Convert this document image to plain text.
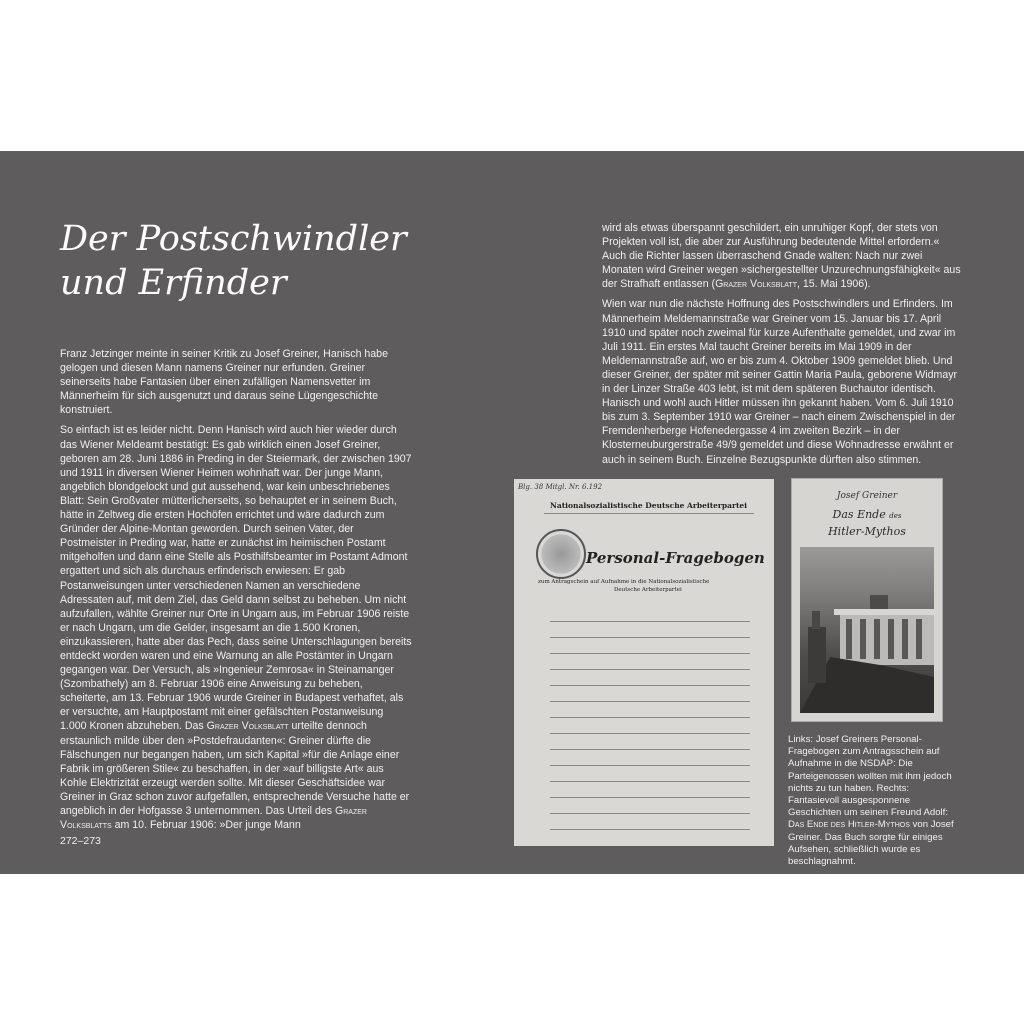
Der Postschwindler
und Erfinder

Franz Jetzinger meinte in seiner Kritik zu Josef Greiner, Hanisch habe gelogen und diesen Mann namens Greiner nur erfunden. Greiner seinerseits habe Fantasien über einen zufälligen Namensvetter im Männerheim für sich ausgenutzt und daraus seine Lügengeschichte konstruiert.

So einfach ist es leider nicht. Denn Hanisch wird auch hier wieder durch das Wiener Meldeamt bestätigt: Es gab wirklich einen Josef Greiner, geboren am 28. Juni 1886 in Preding in der Steiermark, der zwischen 1907 und 1911 in diversen Wiener Heimen wohnhaft war. Der junge Mann, angeblich blondgelockt und gut aussehend, war kein unbeschriebenes Blatt: Sein Großvater mütterlicherseits, so behauptet er in seinem Buch, hätte in Zeltweg die ersten Hochöfen errichtet und wäre dadurch zum Gründer der Alpine-Montan geworden. Durch seinen Vater, der Postmeister in Preding war, hatte er zunächst im heimischen Postamt mitgeholfen und dann eine Stelle als Posthilfsbeamter im Postamt Admont ergattert und sich als durchaus erfinderisch erwiesen: Er gab Postanweisungen unter verschiedenen Namen an verschiedene Adressaten auf, mit dem Ziel, das Geld dann selbst zu beheben. Um nicht aufzufallen, wählte Greiner nur Orte in Ungarn aus, im Februar 1906 reiste er nach Ungarn, um die Gelder, insgesamt an die 1.500 Kronen, einzukassieren, hatte aber das Pech, dass seine Unterschlagungen bereits entdeckt worden waren und eine Warnung an alle Postämter in Ungarn gegangen war. Der Versuch, als »Ingenieur Zemrosa« in Steinamanger (Szombathely) am 8. Februar 1906 eine Anweisung zu beheben, scheiterte, am 13. Februar 1906 wurde Greiner in Budapest verhaftet, als er versuchte, am Hauptpostamt mit einer gefälschten Postanweisung 1.000 Kronen abzuheben. Das Grazer Volksblatt urteilte dennoch erstaunlich milde über den »Postdefraudanten«: Greiner dürfte die Fälschungen nur begangen haben, um sich Kapital »für die Anlage einer Fabrik im größeren Stile« zu beschaffen, in der »auf billigste Art« aus Kohle Elektrizität erzeugt werden sollte. Mit dieser Geschäftsidee war Greiner in Graz schon zuvor aufgefallen, entsprechende Versuche hatte er angeblich in der Hofgasse 3 unternommen. Das Urteil des Grazer Volksblatts am 10. Februar 1906: »Der junge Mann

wird als etwas überspannt geschildert, ein unruhiger Kopf, der stets von Projekten voll ist, die aber zur Ausführung bedeutende Mittel erfordern.« Auch die Richter lassen überraschend Gnade walten: Nach nur zwei Monaten wird Greiner wegen »sichergestellter Unzurechnungsfähigkeit« aus der Strafhaft entlassen (Grazer Volksblatt, 15. Mai 1906).

Wien war nun die nächste Hoffnung des Postschwindlers und Erfinders. Im Männerheim Meldemannstraße war Greiner vom 15. Januar bis 17. April 1910 und später noch zweimal für kurze Aufenthalte gemeldet, und zwar im Juli 1911. Ein erstes Mal taucht Greiner bereits im Mai 1909 in der Meldemannstraße auf, wo er bis zum 4. Oktober 1909 gemeldet blieb. Und dieser Greiner, der später mit seiner Gattin Maria Paula, geborene Widmayr in der Linzer Straße 403 lebt, ist mit dem späteren Buchautor identisch. Hanisch und wohl auch Hitler müssen ihn gekannt haben. Vom 6. Juli 1910 bis zum 3. September 1910 war Greiner – nach einem Zwischenspiel in der Fremdenherberge Hofenedergasse 4 im zweiten Bezirk – in der Klosterneuburgerstraße 49/9 gemeldet und diese Wohnadresse erwähnt er auch in seinem Buch. Einzelne Bezugspunkte dürften also stimmen.

Blg. 38 Mitgl. Nr. 6.192
Nationalsozialistische Deutsche Arbeiterpartei
Personal-Fragebogen
zum Antragschein auf Aufnahme in die Nationalsozialistische
Deutsche Arbeiterpartei
Josef Greiner
Das Ende des
Hitler-Mythos
Links: Josef Greiners Personal-Fragebogen zum Antragsschein auf Aufnahme in die NSDAP: Die Parteigenossen wollten mit ihm jedoch nichts zu tun haben. Rechts: Fantasievoll ausgesponnene Geschichten um seinen Freund Adolf: Das Ende des Hitler-Mythos von Josef Greiner. Das Buch sorgte für einiges Aufsehen, schließlich wurde es beschlagnahmt.
272–273
